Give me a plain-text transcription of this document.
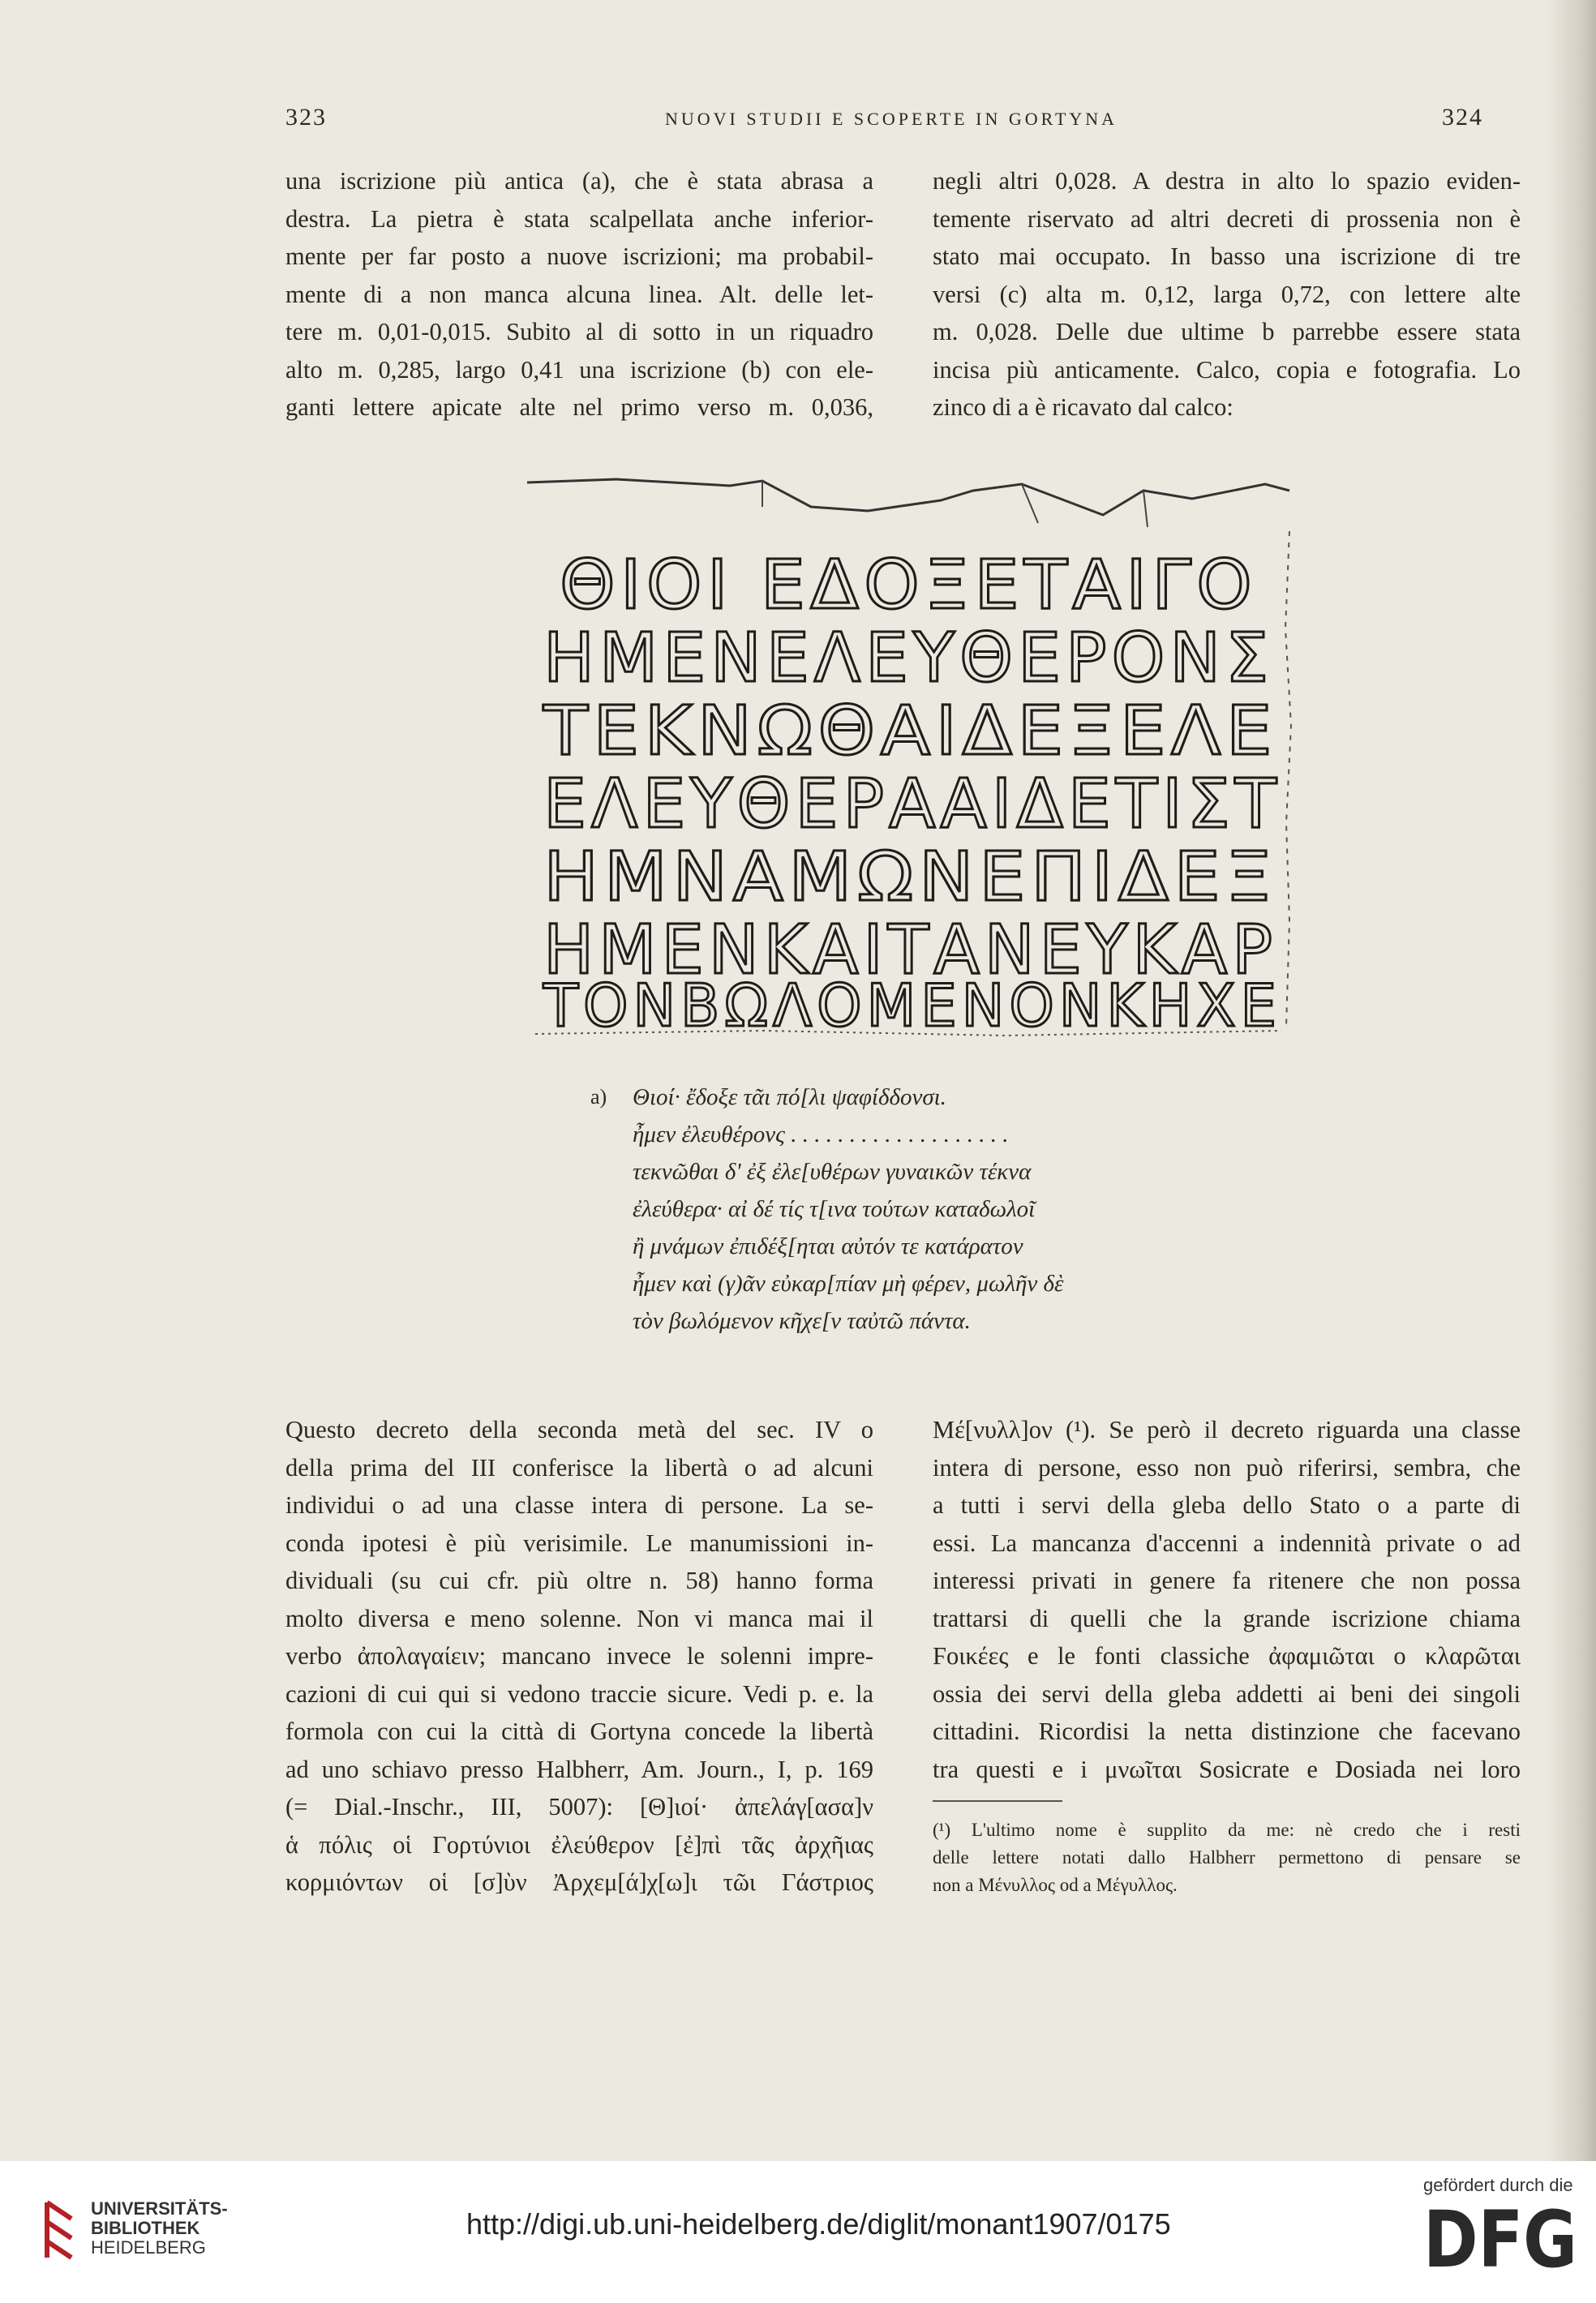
323	NUOVI STUDII E SCOPERTE IN GORTYNA	324
una iscrizione più antica (a), che è stata abrasa a
destra. La pietra è stata scalpellata anche inferior-
mente per far posto a nuove iscrizioni; ma probabil-
mente di a non manca alcuna linea. Alt. delle let-
tere m. 0,01-0,015. Subito al di sotto in un riquadro
alto m. 0,285, largo 0,41 una iscrizione (b) con ele-
ganti lettere apicate alte nel primo verso m. 0,036,
negli altri 0,028. A destra in alto lo spazio eviden-
temente riservato ad altri decreti di prossenia non è
stato mai occupato. In basso una iscrizione di tre
versi (c) alta m. 0,12, larga 0,72, con lettere alte
m. 0,028. Delle due ultime b parrebbe essere stata
incisa più anticamente. Calco, copia e fotografia. Lo
zinco di a è ricavato dal calco:
ΘΙΟΙ ΕΔΟΞΕΤΑΙΓΟ
ΗΜΕΝΕΛΕΥΘΕΡΟΝΣ
ΤΕΚΝΩΘΑΙΔΕΞΕΛΕ
ΕΛΕΥΘΕΡΑΑΙΔΕΤΙΣΤ
ΗΜΝΑΜΩΝΕΠΙΔΕΞ
ΗΜΕΝΚΑΙΤΑΝΕΥΚΑΡ
ΤΟΝΒΩΛΟΜΕΝΟΝΚΗΧΕ
a) Θιοί· ἔδοξε τᾶι πό[λι ψαφίδδονσι.
ἦμεν ἐλευθέρονς . . . . . . . . . . . . . . . . . . .
τεκνῶθαι δ' ἐξ ἐλε[υθέρων γυναικῶν τέκνα
ἐλεύθερα· αἰ δέ τίς τ[ινα τούτων καταδωλοῖ
ἢ μνάμων ἐπιδέξ[ηται αὐτόν τε κατάρατον
ἦμεν καὶ (γ)ᾶν εὐκαρ[πίαν μὴ φέρεν, μωλῆν δὲ
τὸν βωλόμενον κῆχε[ν ταὐτῶ πάντα.
Questo decreto della seconda metà del sec. IV o
della prima del III conferisce la libertà o ad alcuni
individui o ad una classe intera di persone. La se-
conda ipotesi è più verisimile. Le manumissioni in-
dividuali (su cui cfr. più oltre n. 58) hanno forma
molto diversa e meno solenne. Non vi manca mai il
verbo ἀπολαγαίειν; mancano invece le solenni impre-
cazioni di cui qui si vedono traccie sicure. Vedi p. e. la
formola con cui la città di Gortyna concede la libertà
ad uno schiavo presso Halbherr, Am. Journ., I, p. 169
(= Dial.-Inschr., III, 5007): [Θ]ιοί· ἀπελάγ[ασα]ν
ἁ πόλις οἱ Γορτύνιοι ἐλεύθερον [ἐ]πὶ τᾶς ἀρχῆιας
κορμιόντων οἱ [σ]ὺν Ἀρχεμ[ά]χ[ω]ι τῶι Γάστριος
Μέ[νυλλ]ον (¹). Se però il decreto riguarda una classe
intera di persone, esso non può riferirsi, sembra, che
a tutti i servi della gleba dello Stato o a parte di
essi. La mancanza d'accenni a indennità private o ad
interessi privati in genere fa ritenere che non possa
trattarsi di quelli che la grande iscrizione chiama
Ϝοικέες e le fonti classiche ἀφαμιῶται o κλαρῶται
ossia dei servi della gleba addetti ai beni dei singoli
cittadini. Ricordisi la netta distinzione che facevano
tra questi e i μνωῖται Sosicrate e Dosiada nei loro
(¹) L'ultimo nome è supplito da me: nè credo che i resti
delle lettere notati dallo Halbherr permettono di pensare se
non a Μένυλλος od a Μέγυλλος.
UNIVERSITÄTS-
BIBLIOTHEK
HEIDELBERG
http://digi.ub.uni-heidelberg.de/diglit/monant1907/0175
gefördert durch die
DFG
